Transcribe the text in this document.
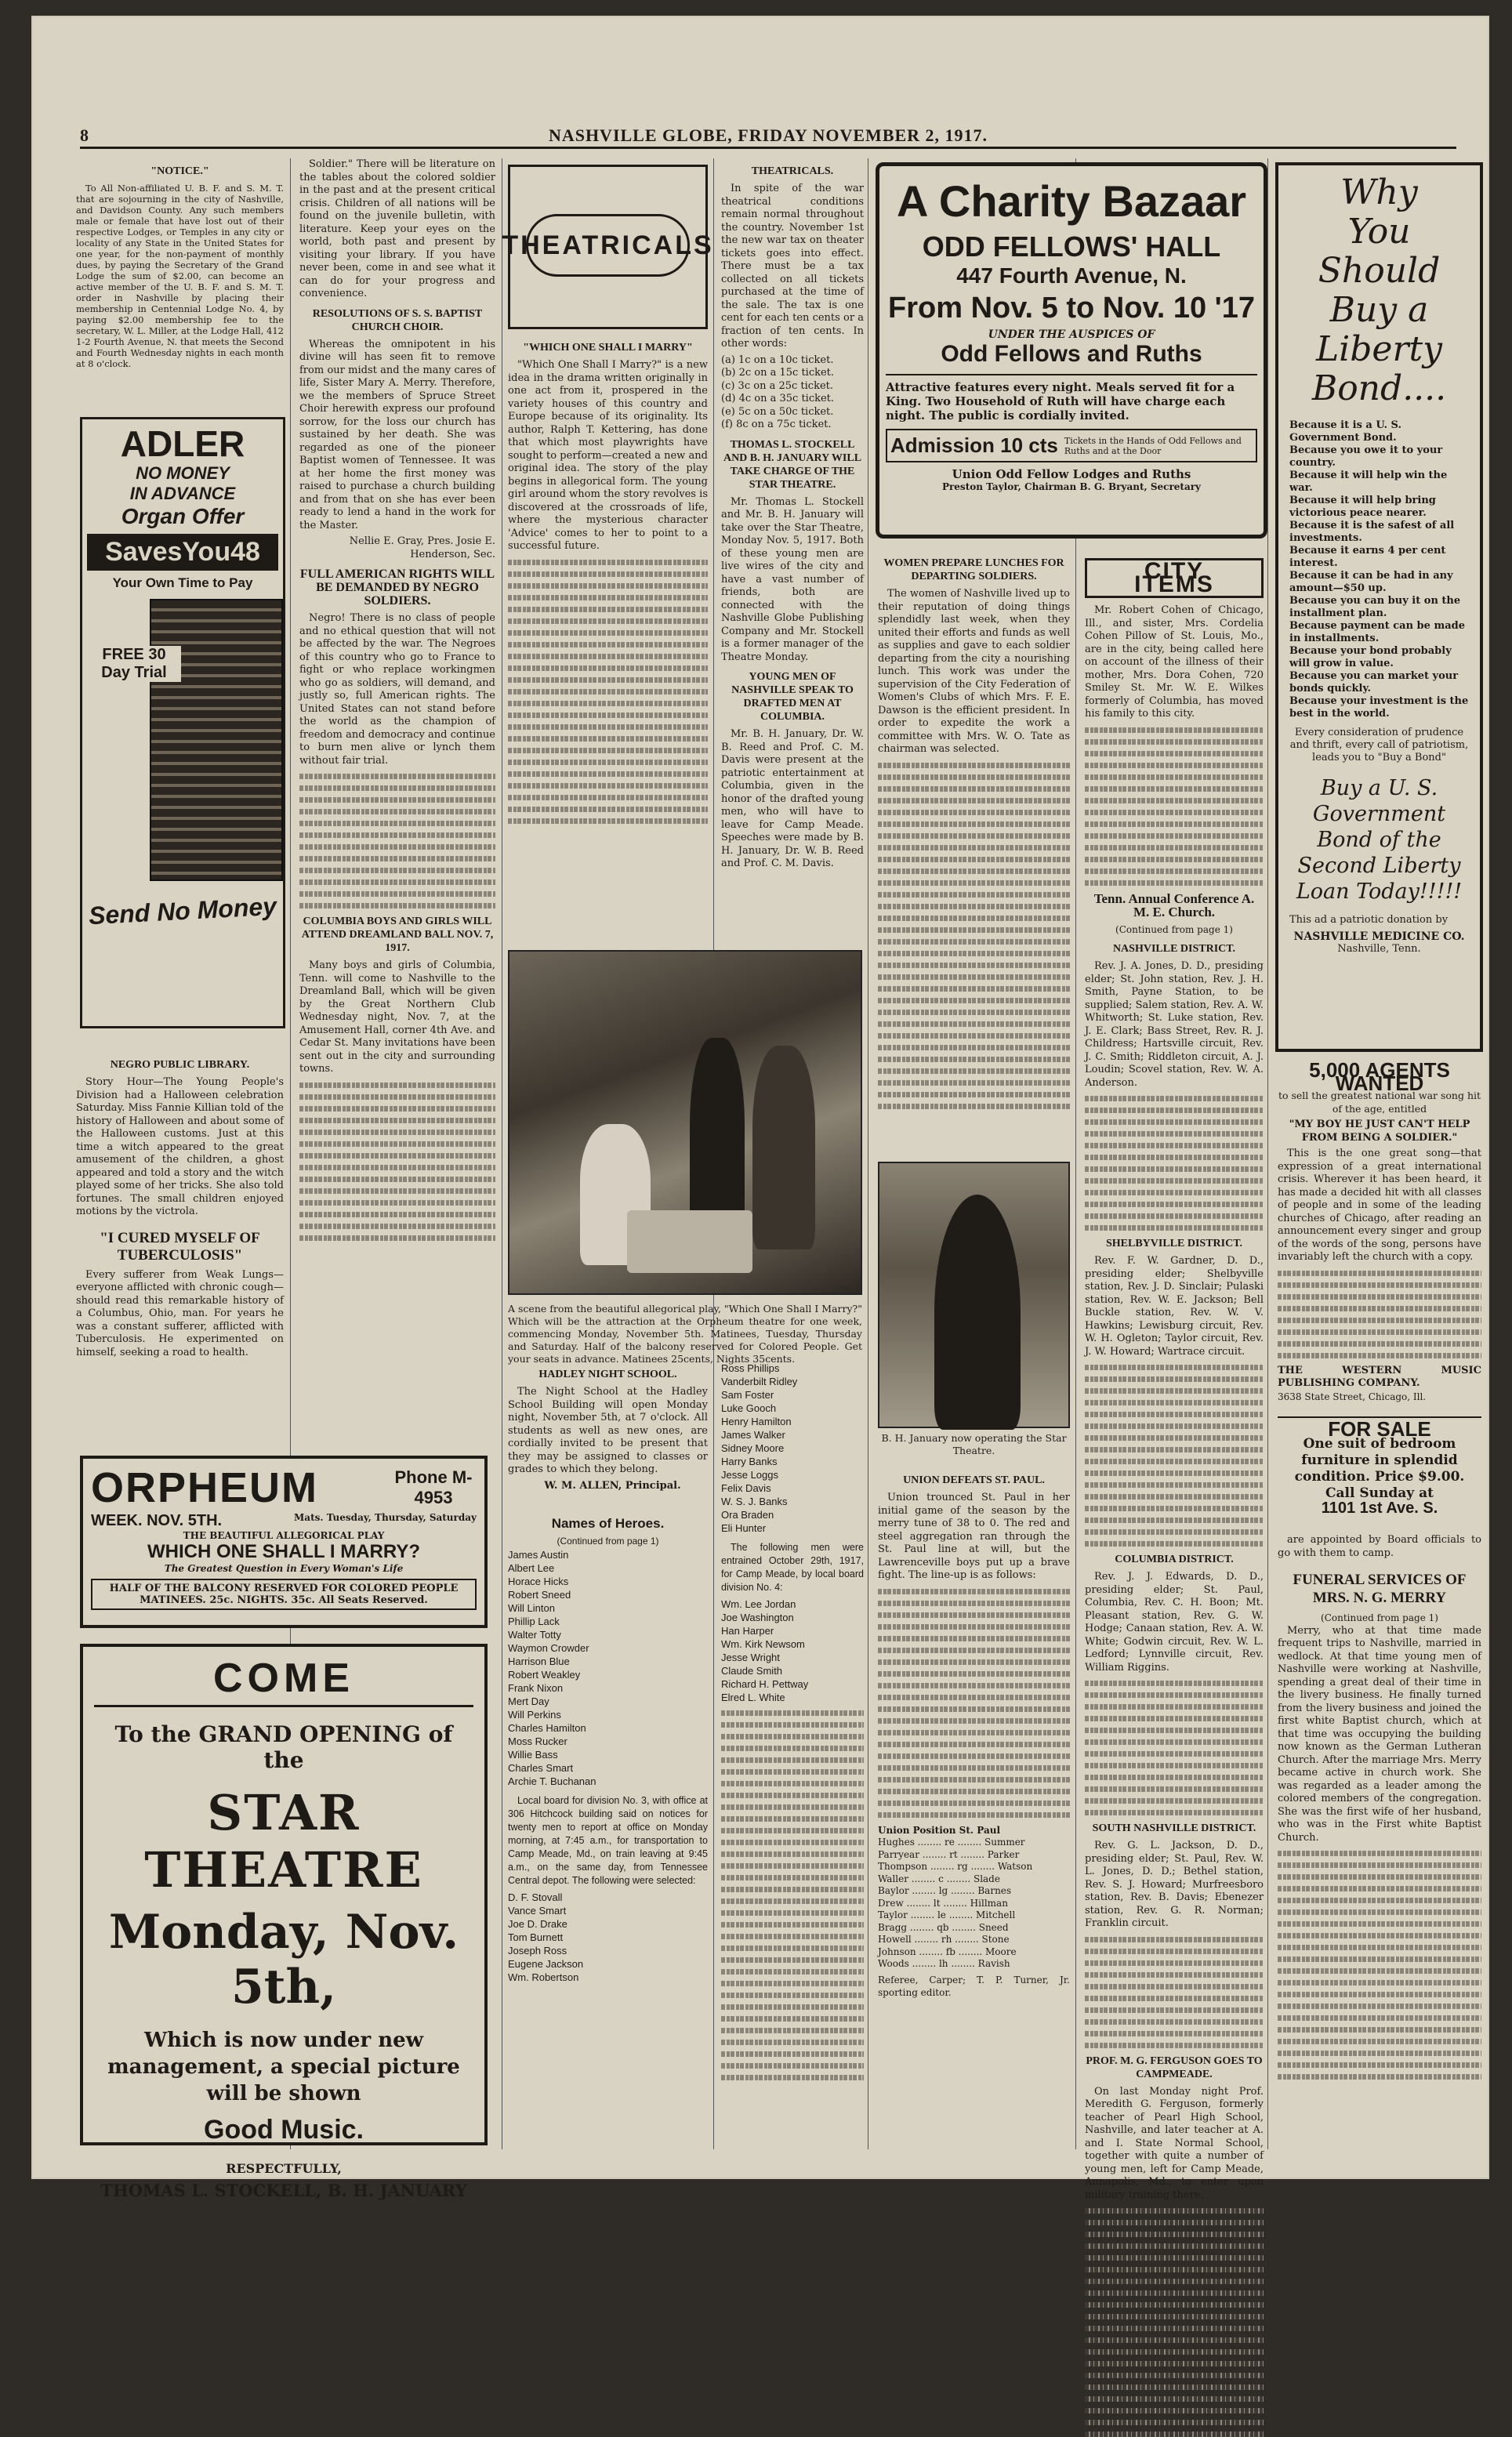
8	NASHVILLE GLOBE, FRIDAY NOVEMBER 2, 1917.
"NOTICE."
To All Non-affiliated U. B. F. and S. M. T. that are sojourning in the city of Nashville, and Davidson County. Any such members male or female that have lost out of their respective Lodges, or Temples in any city or locality of any State in the United States for one year, for the non-payment of monthly dues, by paying the Secretary of the Grand Lodge the sum of $2.00, can become an active member of the U. B. F. and S. M. T. order in Nashville by placing their membership in Centennial Lodge No. 4, by paying $2.00 membership fee to the secretary, W. L. Miller, at the Lodge Hall, 412 1-2 Fourth Avenue, N. that meets the Second and Fourth Wednesday nights in each month at 8 o'clock.
ADLER
NO MONEY
IN ADVANCE
Organ Offer
SavesYou48
Your Own Time to Pay
FREE 30 Day Trial
Send No Money
NEGRO PUBLIC LIBRARY.
Story Hour—The Young People's Division had a Halloween celebration Saturday. Miss Fannie Killian told of the history of Halloween and about some of the Halloween customs. Just at this time a witch appeared to the great amusement of the children, a ghost appeared and told a story and the witch played some of her tricks. She also told fortunes. The small children enjoyed motions by the victrola.
"I CURED MYSELF OF TUBERCULOSIS"
Every sufferer from Weak Lungs—everyone afflicted with chronic cough—should read this remarkable history of a Columbus, Ohio, man. For years he was a constant sufferer, afflicted with Tuberculosis. He experimented on himself, seeking a road to health.
ORPHEUM	Phone M-4953
WEEK. NOV. 5TH.	Mats. Tuesday, Thursday, Saturday
THE BEAUTIFUL ALLEGORICAL PLAY
WHICH ONE SHALL I MARRY?
The Greatest Question in Every Woman's Life
HALF OF THE BALCONY RESERVED FOR COLORED PEOPLE
MATINEES. 25c. NIGHTS. 35c. All Seats Reserved.
COME
To the GRAND OPENING of the
STAR THEATRE
Monday, Nov. 5th,
Which is now under new management, a special picture will be shown
Good Music.
RESPECTFULLY,
THOMAS L. STOCKELL, B. H. JANUARY
Soldier." There will be literature on the tables about the colored soldier in the past and at the present critical crisis. Children of all nations will be found on the juvenile bulletin, with literature. Keep your eyes on the world, both past and present by visiting your library. If you have never been, come in and see what it can do for your progress and convenience.
RESOLUTIONS OF S. S. BAPTIST CHURCH CHOIR.
Whereas the omnipotent in his divine will has seen fit to remove from our midst and the many cares of life, Sister Mary A. Merry. Therefore, we the members of Spruce Street Choir herewith express our profound sorrow, for the loss our church has sustained by her death. She was regarded as one of the pioneer Baptist women of Tennessee. It was at her home the first money was raised to purchase a church building and from that on she has ever been ready to lend a hand in the work for the Master.
Nellie E. Gray, Pres. Josie E. Henderson, Sec.
FULL AMERICAN RIGHTS WILL BE DEMANDED BY NEGRO SOLDIERS.
Negro! There is no class of people and no ethical question that will not be affected by the war. The Negroes of this country who go to France to fight or who replace workingmen who go as soldiers, will demand, and justly so, full American rights. The United States can not stand before the world as the champion of freedom and democracy and continue to burn men alive or lynch them without fair trial.
COLUMBIA BOYS AND GIRLS WILL ATTEND DREAMLAND BALL NOV. 7, 1917.
Many boys and girls of Columbia, Tenn. will come to Nashville to the Dreamland Ball, which will be given by the Great Northern Club Wednesday night, Nov. 7, at the Amusement Hall, corner 4th Ave. and Cedar St. Many invitations have been sent out in the city and surrounding towns.
THEATRICALS
"WHICH ONE SHALL I MARRY"
"Which One Shall I Marry?" is a new idea in the drama written originally in one act from it, prospered in the variety houses of this country and Europe because of its originality. Its author, Ralph T. Kettering, has done that which most playwrights have sought to perform—created a new and original idea. The story of the play begins in allegorical form. The young girl around whom the story revolves is discovered at the crossroads of life, where the mysterious character 'Advice' comes to her to point to a successful future.
THEATRICALS.
In spite of the war theatrical conditions remain normal throughout the country. November 1st the new war tax on theater tickets goes into effect. There must be a tax collected on all tickets purchased at the time of the sale. The tax is one cent for each ten cents or a fraction of ten cents. In other words:
(a) 1c on a 10c ticket.
(b) 2c on a 15c ticket.
(c) 3c on a 25c ticket.
(d) 4c on a 35c ticket.
(e) 5c on a 50c ticket.
(f) 8c on a 75c ticket.
THOMAS L. STOCKELL AND B. H. JANUARY WILL TAKE CHARGE OF THE STAR THEATRE.
Mr. Thomas L. Stockell and Mr. B. H. January will take over the Star Theatre, Monday Nov. 5, 1917. Both of these young men are live wires of the city and have a vast number of friends, both are connected with the Nashville Globe Publishing Company and Mr. Stockell is a former manager of the Theatre Monday.
YOUNG MEN OF NASHVILLE SPEAK TO DRAFTED MEN AT COLUMBIA.
Mr. B. H. January, Dr. W. B. Reed and Prof. C. M. Davis were present at the patriotic entertainment at Columbia, given in the honor of the drafted young men, who will have to leave for Camp Meade. Speeches were made by B. H. January, Dr. W. B. Reed and Prof. C. M. Davis.
A scene from the beautiful allegorical play, "Which One Shall I Marry?" Which will be the attraction at the Orpheum theatre for one week, commencing Monday, November 5th. Matinees, Tuesday, Thursday and Saturday. Half of the balcony reserved for Colored People. Get your seats in advance. Matinees 25cents, Nights 35cents.
HADLEY NIGHT SCHOOL.
The Night School at the Hadley School Building will open Monday night, November 5th, at 7 o'clock. All students as well as new ones, are cordially invited to be present that they may be assigned to classes or grades to which they belong.
W. M. ALLEN, Principal.
Names of Heroes.
(Continued from page 1)
James Austin
Albert Lee
Horace Hicks
Robert Sneed
Will Linton
Phillip Lack
Walter Totty
Waymon Crowder
Harrison Blue
Robert Weakley
Frank Nixon
Mert Day
Will Perkins
Charles Hamilton
Moss Rucker
Willie Bass
Charles Smart
Archie T. Buchanan
Local board for division No. 3, with office at 306 Hitchcock building said on notices for twenty men to report at office on Monday morning, at 7:45 a.m., for transportation to Camp Meade, Md., on train leaving at 9:45 a.m., on the same day, from Tennessee Central depot. The following were selected:
D. F. Stovall
Vance Smart
Joe D. Drake
Tom Burnett
Joseph Ross
Eugene Jackson
Wm. Robertson
Ross Phillips
Vanderbilt Ridley
Sam Foster
Luke Gooch
Henry Hamilton
James Walker
Sidney Moore
Harry Banks
Jesse Loggs
Felix Davis
W. S. J. Banks
Ora Braden
Eli Hunter
The following men were entrained October 29th, 1917, for Camp Meade, by local board division No. 4:
Wm. Lee Jordan
Joe Washington
Han Harper
Wm. Kirk Newsom
Jesse Wright
Claude Smith
Richard H. Pettway
Elred L. White
A Charity Bazaar
ODD FELLOWS' HALL
447 Fourth Avenue, N.
From Nov. 5 to Nov. 10 '17
UNDER THE AUSPICES OF
Odd Fellows and Ruths
Attractive features every night. Meals served fit for a King. Two Household of Ruth will have charge each night. The public is cordially invited.
Admission 10 cts Tickets in the Hands of Odd Fellows and Ruths and at the Door
Union Odd Fellow Lodges and Ruths
Preston Taylor, Chairman B. G. Bryant, Secretary
WOMEN PREPARE LUNCHES FOR DEPARTING SOLDIERS.
The women of Nashville lived up to their reputation of doing things splendidly last week, when they united their efforts and funds as well as supplies and gave to each soldier departing from the city a nourishing lunch. This work was under the supervision of the City Federation of Women's Clubs of which Mrs. F. E. Dawson is the efficient president. In order to expedite the work a committee with Mrs. W. O. Tate as chairman was selected.
B. H. January now operating the Star Theatre.
UNION DEFEATS ST. PAUL.
Union trounced St. Paul in her initial game of the season by the merry tune of 38 to 0. The red and steel aggregation ran through the St. Paul line at will, but the Lawrenceville boys put up a brave fight. The line-up is as follows:
Union Position St. Paul
Hughes ........ re ........ Summer
Parryear ........ rt ........ Parker
Thompson ........ rg ........ Watson
Waller ........ c ........ Slade
Baylor ........ lg ........ Barnes
Drew ........ lt ........ Hillman
Taylor ........ le ........ Mitchell
Bragg ........ qb ........ Sneed
Howell ........ rh ........ Stone
Johnson ........ fb ........ Moore
Woods ........ lh ........ Ravish
Referee, Carper; T. P. Turner, Jr. sporting editor.
CITY ITEMS
Mr. Robert Cohen of Chicago, Ill., and sister, Mrs. Cordelia Cohen Pillow of St. Louis, Mo., are in the city, being called here on account of the illness of their mother, Mrs. Dora Cohen, 720 Smiley St. Mr. W. E. Wilkes formerly of Columbia, has moved his family to this city.
Tenn. Annual Conference A. M. E. Church.
(Continued from page 1)
NASHVILLE DISTRICT.
Rev. J. A. Jones, D. D., presiding elder; St. John station, Rev. J. H. Smith, Payne Station, to be supplied; Salem station, Rev. A. W. Whitworth; St. Luke station, Rev. J. E. Clark; Bass Street, Rev. R. J. Childress; Hartsville circuit, Rev. J. C. Smith; Riddleton circuit, A. J. Loudin; Scovel station, Rev. W. A. Anderson.
SHELBYVILLE DISTRICT.
Rev. F. W. Gardner, D. D., presiding elder; Shelbyville station, Rev. J. D. Sinclair; Pulaski station, Rev. W. E. Jackson; Bell Buckle station, Rev. W. V. Hawkins; Lewisburg circuit, Rev. W. H. Ogleton; Taylor circuit, Rev. J. W. Howard; Wartrace circuit.
COLUMBIA DISTRICT.
Rev. J. J. Edwards, D. D., presiding elder; St. Paul, Columbia, Rev. C. H. Boon; Mt. Pleasant station, Rev. G. W. Hodge; Canaan station, Rev. A. W. White; Godwin circuit, Rev. W. L. Ledford; Lynnville circuit, Rev. William Riggins.
SOUTH NASHVILLE DISTRICT.
Rev. G. L. Jackson, D. D., presiding elder; St. Paul, Rev. W. L. Jones, D. D.; Bethel station, Rev. S. J. Howard; Murfreesboro station, Rev. B. Davis; Ebenezer station, Rev. G. R. Norman; Franklin circuit.
PROF. M. G. FERGUSON GOES TO CAMPMEADE.
On last Monday night Prof. Meredith G. Ferguson, formerly teacher of Pearl High School, Nashville, and later teacher at A. and I. State Normal School, together with quite a number of young men, left for Camp Meade, Annapolis, Md., to enter upon military training there.
Why
You
Should
Buy a
Liberty
Bond....
Because it is a U. S. Government Bond.
Because you owe it to your country.
Because it will help win the war.
Because it will help bring victorious peace nearer.
Because it is the safest of all investments.
Because it earns 4 per cent interest.
Because it can be had in any amount—$50 up.
Because you can buy it on the installment plan.
Because payment can be made in installments.
Because your bond probably will grow in value.
Because you can market your bonds quickly.
Because your investment is the best in the world.
Every consideration of prudence and thrift, every call of patriotism, leads you to "Buy a Bond"
Buy a U. S. Government Bond of the Second Liberty Loan Today!!!!!
This ad a patriotic donation by
NASHVILLE MEDICINE CO.
Nashville, Tenn.
5,000 AGENTS WANTED
to sell the greatest national war song hit of the age, entitled
"MY BOY HE JUST CAN'T HELP FROM BEING A SOLDIER."
This is the one great song—that expression of a great international crisis. Wherever it has been heard, it has made a decided hit with all classes of people and in some of the leading churches of Chicago, after reading an announcement every singer and group of the words of the song, persons have invariably left the church with a copy.
THE WESTERN MUSIC PUBLISHING COMPANY.
3638 State Street, Chicago, Ill.
FOR SALE
One suit of bedroom furniture in splendid condition. Price $9.00. Call Sunday at
1101 1st Ave. S.
are appointed by Board officials to go with them to camp.
FUNERAL SERVICES OF MRS. N. G. MERRY
(Continued from page 1)
Merry, who at that time made frequent trips to Nashville, married in wedlock. At that time young men of Nashville were working at Nashville, spending a great deal of their time in the livery business. He finally turned from the livery business and joined the first white Baptist church, which at that time was occupying the building now known as the German Lutheran Church. After the marriage Mrs. Merry became active in church work. She was regarded as a leader among the colored members of the congregation. She was the first wife of her husband, who was in the First white Baptist Church.
